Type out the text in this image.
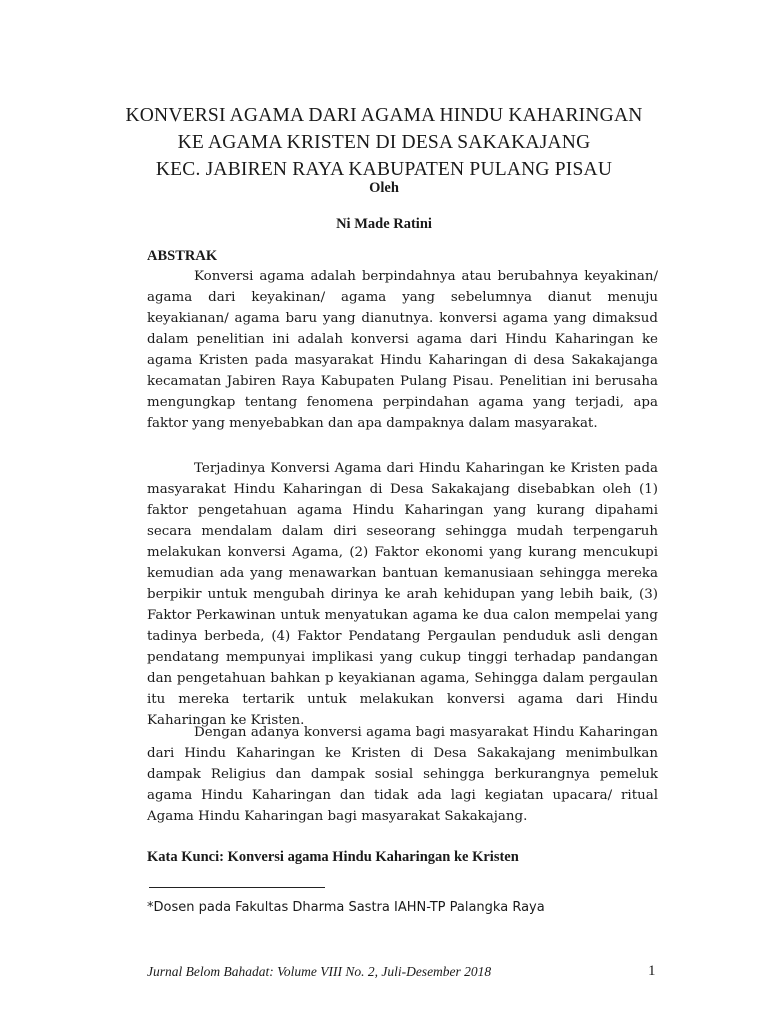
KONVERSI AGAMA DARI AGAMA HINDU KAHARINGAN
KE AGAMA KRISTEN DI DESA SAKAKAJANG
KEC. JABIREN RAYA KABUPATEN PULANG PISAU
Oleh
Ni Made Ratini
ABSTRAK

Konversi agama adalah berpindahnya atau berubahnya keyakinan/ agama dari keyakinan/ agama yang sebelumnya dianut menuju keyakianan/ agama baru yang dianutnya. konversi agama yang dimaksud dalam penelitian ini adalah konversi agama dari Hindu Kaharingan ke agama Kristen pada masyarakat Hindu Kaharingan di desa Sakakajanga kecamatan Jabiren Raya Kabupaten Pulang Pisau. Penelitian ini berusaha mengungkap tentang fenomena perpindahan agama yang terjadi, apa faktor yang menyebabkan dan apa dampaknya dalam masyarakat.

Terjadinya Konversi Agama dari Hindu Kaharingan ke Kristen pada masyarakat Hindu Kaharingan di Desa Sakakajang disebabkan oleh (1) faktor pengetahuan agama Hindu Kaharingan yang kurang dipahami secara mendalam dalam diri seseorang sehingga mudah terpengaruh melakukan konversi Agama, (2) Faktor ekonomi yang kurang mencukupi kemudian ada yang menawarkan bantuan kemanusiaan sehingga mereka berpikir untuk mengubah dirinya ke arah kehidupan yang lebih baik, (3) Faktor Perkawinan untuk menyatukan agama ke dua calon mempelai yang tadinya berbeda, (4) Faktor Pendatang Pergaulan penduduk asli dengan pendatang mempunyai implikasi yang cukup tinggi terhadap pandangan dan pengetahuan bahkan p keyakianan agama, Sehingga dalam pergaulan itu mereka tertarik untuk melakukan konversi agama dari Hindu Kaharingan ke Kristen.

Dengan adanya konversi agama bagi masyarakat Hindu Kaharingan dari Hindu Kaharingan ke Kristen di Desa Sakakajang menimbulkan dampak Religius dan dampak sosial sehingga berkurangnya pemeluk agama Hindu Kaharingan dan tidak ada lagi kegiatan upacara/ ritual Agama Hindu Kaharingan bagi masyarakat Sakakajang.

Kata Kunci: Konversi agama Hindu Kaharingan ke Kristen
*Dosen pada Fakultas Dharma Sastra IAHN-TP Palangka Raya
Jurnal Belom Bahadat: Volume VIII No. 2, Juli-Desember 2018	1
